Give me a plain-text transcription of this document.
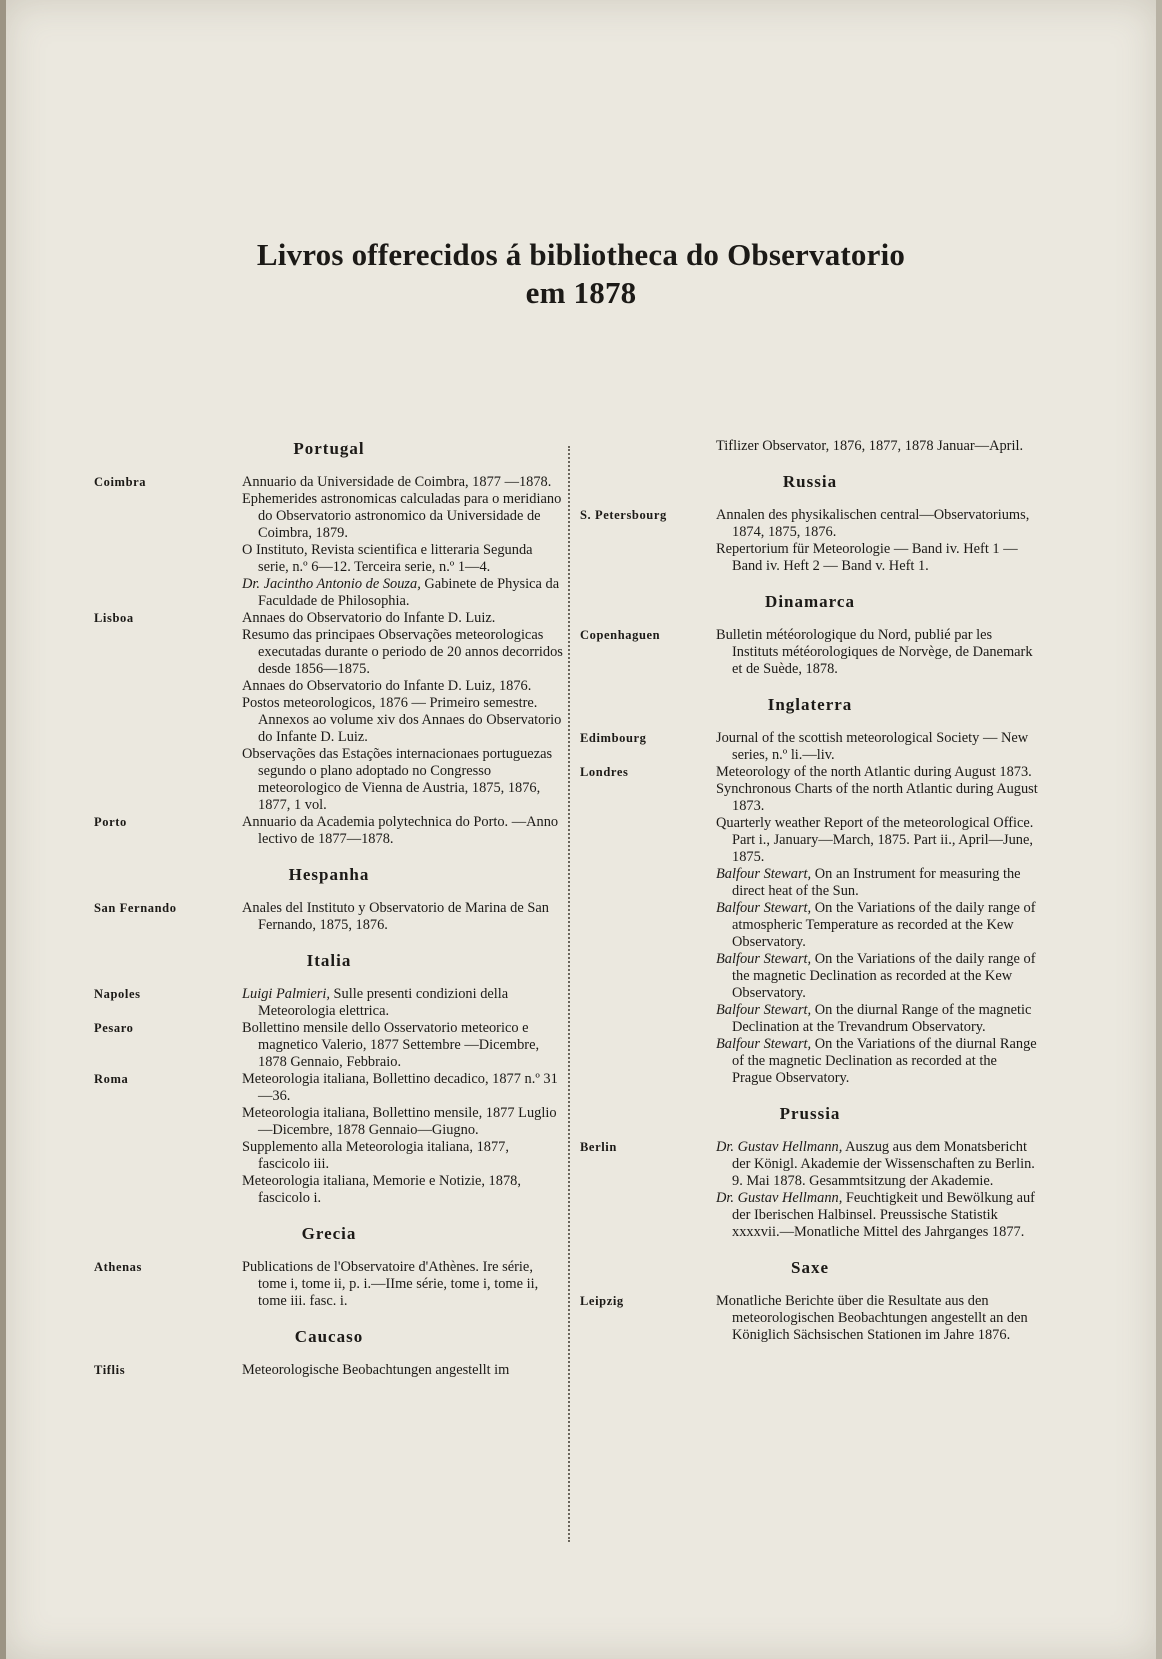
Livros offerecidos á bibliotheca do Observatorio
em 1878

Portugal

Coimbra	Annuario da Universidade de Coimbra, 1877 —1878.

Ephemerides astronomicas calculadas para o meridiano do Observatorio astronomico da Universidade de Coimbra, 1879.

O Instituto, Revista scientifica e litteraria Segunda serie, n.º 6—12. Terceira serie, n.º 1—4.

Dr. Jacintho Antonio de Souza, Gabinete de Physica da Faculdade de Philosophia.

Lisboa	Annaes do Observatorio do Infante D. Luiz.

Resumo das principaes Observações meteorologicas executadas durante o periodo de 20 annos decorridos desde 1856—1875.

Annaes do Observatorio do Infante D. Luiz, 1876.

Postos meteorologicos, 1876 — Primeiro semestre. Annexos ao volume xiv dos Annaes do Observatorio do Infante D. Luiz.

Observações das Estações internacionaes portuguezas segundo o plano adoptado no Congresso meteorologico de Vienna de Austria, 1875, 1876, 1877, 1 vol.

Porto	Annuario da Academia polytechnica do Porto. —Anno lectivo de 1877—1878.

Hespanha

San Fernando	Anales del Instituto y Observatorio de Marina de San Fernando, 1875, 1876.

Italia

Napoles	Luigi Palmieri, Sulle presenti condizioni della Meteorologia elettrica.

Pesaro	Bollettino mensile dello Osservatorio meteorico e magnetico Valerio, 1877 Settembre —Dicembre, 1878 Gennaio, Febbraio.

Roma	Meteorologia italiana, Bollettino decadico, 1877 n.º 31—36.

Meteorologia italiana, Bollettino mensile, 1877 Luglio—Dicembre, 1878 Gennaio—Giugno.

Supplemento alla Meteorologia italiana, 1877, fascicolo iii.

Meteorologia italiana, Memorie e Notizie, 1878, fascicolo i.

Grecia

Athenas	Publications de l'Observatoire d'Athènes. Ire série, tome i, tome ii, p. i.—IIme série, tome i, tome ii, tome iii. fasc. i.

Caucaso

Tiflis	Meteorologische Beobachtungen angestellt im

Tiflizer Observator, 1876, 1877, 1878 Januar—April.

Russia

S. Petersbourg	Annalen des physikalischen central—Observatoriums, 1874, 1875, 1876.

Repertorium für Meteorologie — Band iv. Heft 1 — Band iv. Heft 2 — Band v. Heft 1.

Dinamarca

Copenhaguen	Bulletin météorologique du Nord, publié par les Instituts météorologiques de Norvège, de Danemark et de Suède, 1878.

Inglaterra

Edimbourg	Journal of the scottish meteorological Society — New series, n.º li.—liv.

Londres	Meteorology of the north Atlantic during August 1873.

Synchronous Charts of the north Atlantic during August 1873.

Quarterly weather Report of the meteorological Office. Part i., January—March, 1875. Part ii., April—June, 1875.

Balfour Stewart, On an Instrument for measuring the direct heat of the Sun.

Balfour Stewart, On the Variations of the daily range of atmospheric Temperature as recorded at the Kew Observatory.

Balfour Stewart, On the Variations of the daily range of the magnetic Declination as recorded at the Kew Observatory.

Balfour Stewart, On the diurnal Range of the magnetic Declination at the Trevandrum Observatory.

Balfour Stewart, On the Variations of the diurnal Range of the magnetic Declination as recorded at the Prague Observatory.

Prussia

Berlin	Dr. Gustav Hellmann, Auszug aus dem Monatsbericht der Königl. Akademie der Wissenschaften zu Berlin. 9. Mai 1878. Gesammtsitzung der Akademie.

Dr. Gustav Hellmann, Feuchtigkeit und Bewölkung auf der Iberischen Halbinsel. Preussische Statistik xxxxvii.—Monatliche Mittel des Jahrganges 1877.

Saxe

Leipzig	Monatliche Berichte über die Resultate aus den meteorologischen Beobachtungen angestellt an den Königlich Sächsischen Stationen im Jahre 1876.
